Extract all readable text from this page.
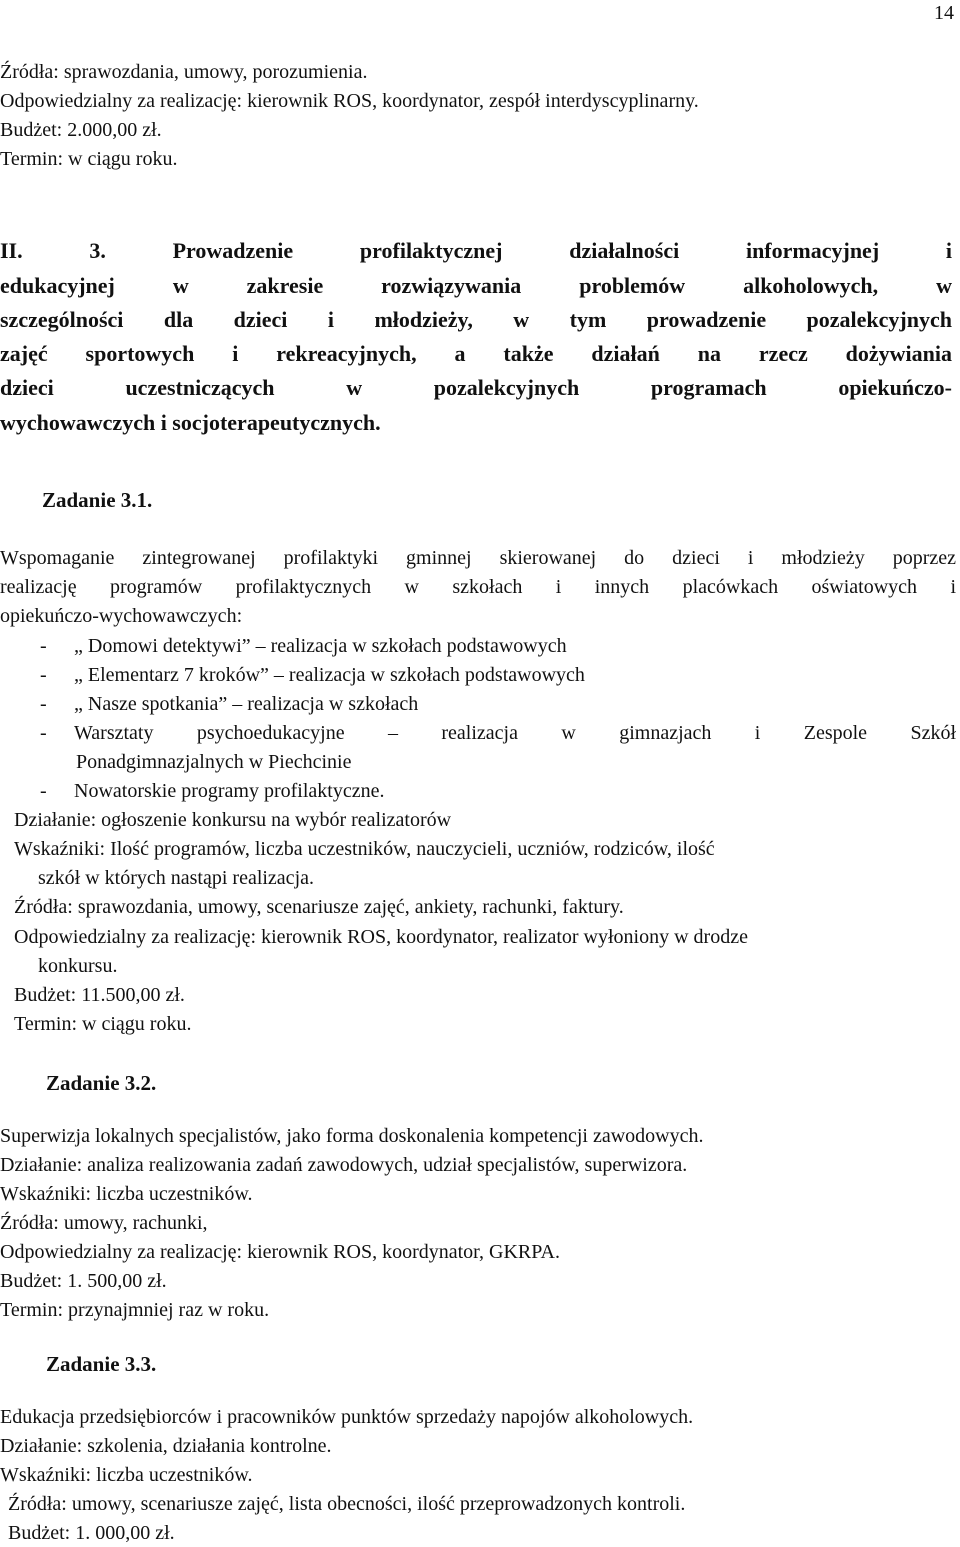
14
Źródła: sprawozdania, umowy, porozumienia.
Odpowiedzialny za realizację: kierownik ROS, koordynator, zespół interdyscyplinarny.
Budżet: 2.000,00 zł.
Termin: w ciągu roku.
II. 3. Prowadzenie profilaktycznej działalności informacyjnej i
edukacyjnej w zakresie rozwiązywania problemów alkoholowych, w
szczególności dla dzieci i młodzieży, w tym prowadzenie pozalekcyjnych
zajęć sportowych i rekreacyjnych, a także działań na rzecz dożywiania
dzieci uczestniczących w pozalekcyjnych programach opiekuńczo-
wychowawczych i socjoterapeutycznych.
Zadanie 3.1.
Wspomaganie zintegrowanej profilaktyki gminnej skierowanej do dzieci i młodzieży poprzez
realizację programów profilaktycznych w szkołach i innych placówkach oświatowych i
opiekuńczo-wychowawczych:
- „ Domowi detektywi” – realizacja w szkołach podstawowych
- „ Elementarz 7 kroków” – realizacja w szkołach podstawowych
- „ Nasze spotkania” – realizacja w szkołach
- Warsztaty psychoedukacyjne – realizacja w gimnazjach i Zespole Szkół
Ponadgimnazjalnych w Piechcinie
- Nowatorskie programy profilaktyczne.
Działanie: ogłoszenie konkursu na wybór realizatorów
Wskaźniki: Ilość programów, liczba uczestników, nauczycieli, uczniów, rodziców, ilość
szkół w których nastąpi realizacja.
Źródła: sprawozdania, umowy, scenariusze zajęć, ankiety, rachunki, faktury.
Odpowiedzialny za realizację: kierownik ROS, koordynator, realizator wyłoniony w drodze
konkursu.
Budżet: 11.500,00 zł.
Termin: w ciągu roku.
Zadanie 3.2.
Superwizja lokalnych specjalistów, jako forma doskonalenia kompetencji zawodowych.
Działanie: analiza realizowania zadań zawodowych, udział specjalistów, superwizora.
Wskaźniki: liczba uczestników.
Źródła: umowy, rachunki,
Odpowiedzialny za realizację: kierownik ROS, koordynator, GKRPA.
Budżet: 1. 500,00 zł.
Termin: przynajmniej raz w roku.
Zadanie 3.3.
Edukacja przedsiębiorców i pracowników punktów sprzedaży napojów alkoholowych.
Działanie: szkolenia, działania kontrolne.
Wskaźniki: liczba uczestników.
Źródła: umowy, scenariusze zajęć, lista obecności, ilość przeprowadzonych kontroli.
Budżet: 1. 000,00 zł.
